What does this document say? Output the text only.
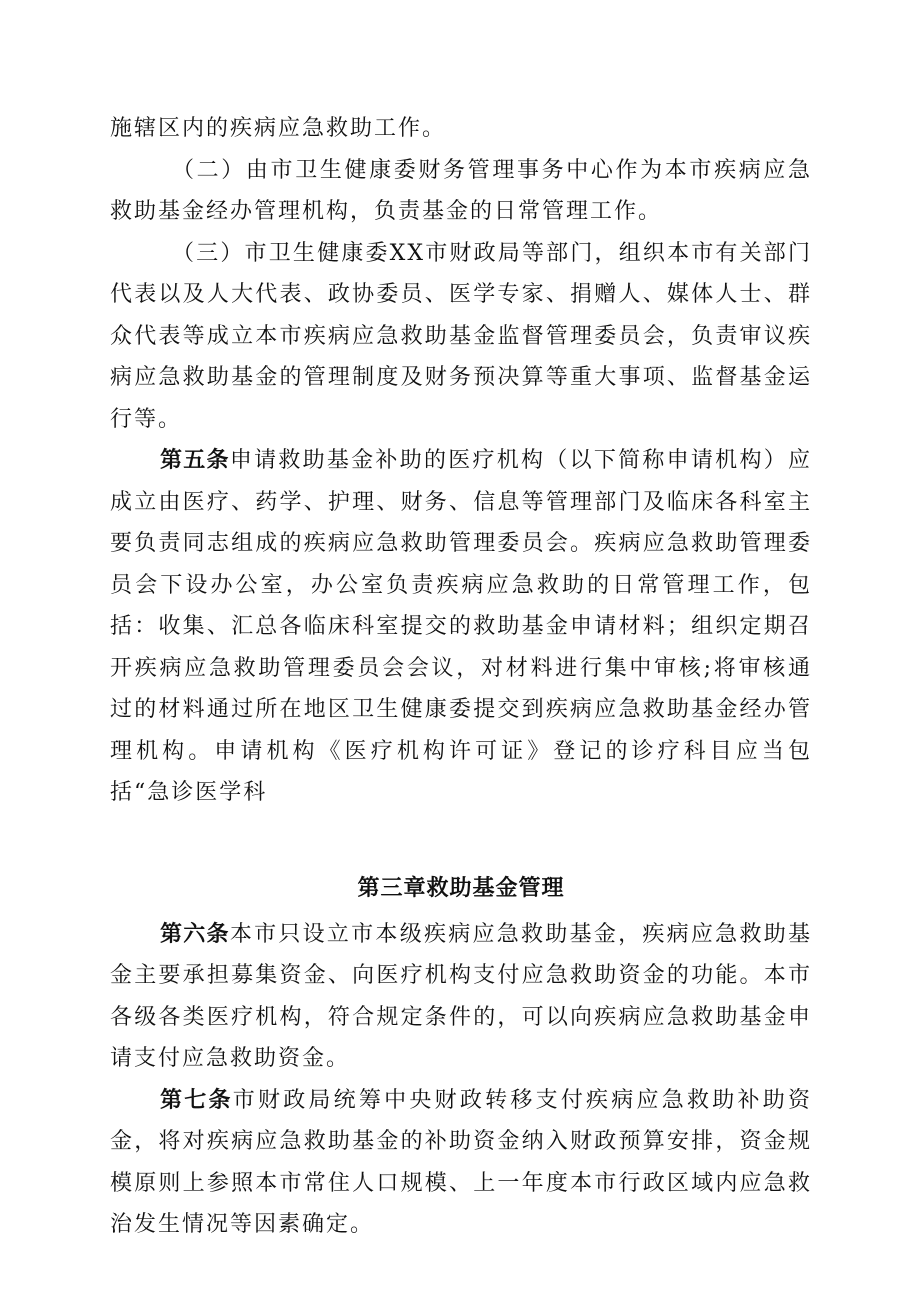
施辖区内的疾病应急救助工作。

（二）由市卫生健康委财务管理事务中心作为本市疾病应急救助基金经办管理机构，负责基金的日常管理工作。

（三）市卫生健康委XX市财政局等部门，组织本市有关部门代表以及人大代表、政协委员、医学专家、捐赠人、媒体人士、群众代表等成立本市疾病应急救助基金监督管理委员会，负责审议疾病应急救助基金的管理制度及财务预决算等重大事项、监督基金运行等。

第五条申请救助基金补助的医疗机构（以下简称申请机构）应成立由医疗、药学、护理、财务、信息等管理部门及临床各科室主要负责同志组成的疾病应急救助管理委员会。疾病应急救助管理委员会下设办公室，办公室负责疾病应急救助的日常管理工作，包括：收集、汇总各临床科室提交的救助基金申请材料；组织定期召开疾病应急救助管理委员会会议，对材料进行集中审核;将审核通过的材料通过所在地区卫生健康委提交到疾病应急救助基金经办管理机构。申请机构《医疗机构许可证》登记的诊疗科目应当包括“急诊医学科

第三章救助基金管理

第六条本市只设立市本级疾病应急救助基金，疾病应急救助基金主要承担募集资金、向医疗机构支付应急救助资金的功能。本市各级各类医疗机构，符合规定条件的，可以向疾病应急救助基金申请支付应急救助资金。

第七条市财政局统筹中央财政转移支付疾病应急救助补助资金，将对疾病应急救助基金的补助资金纳入财政预算安排，资金规模原则上参照本市常住人口规模、上一年度本市行政区域内应急救治发生情况等因素确定。
